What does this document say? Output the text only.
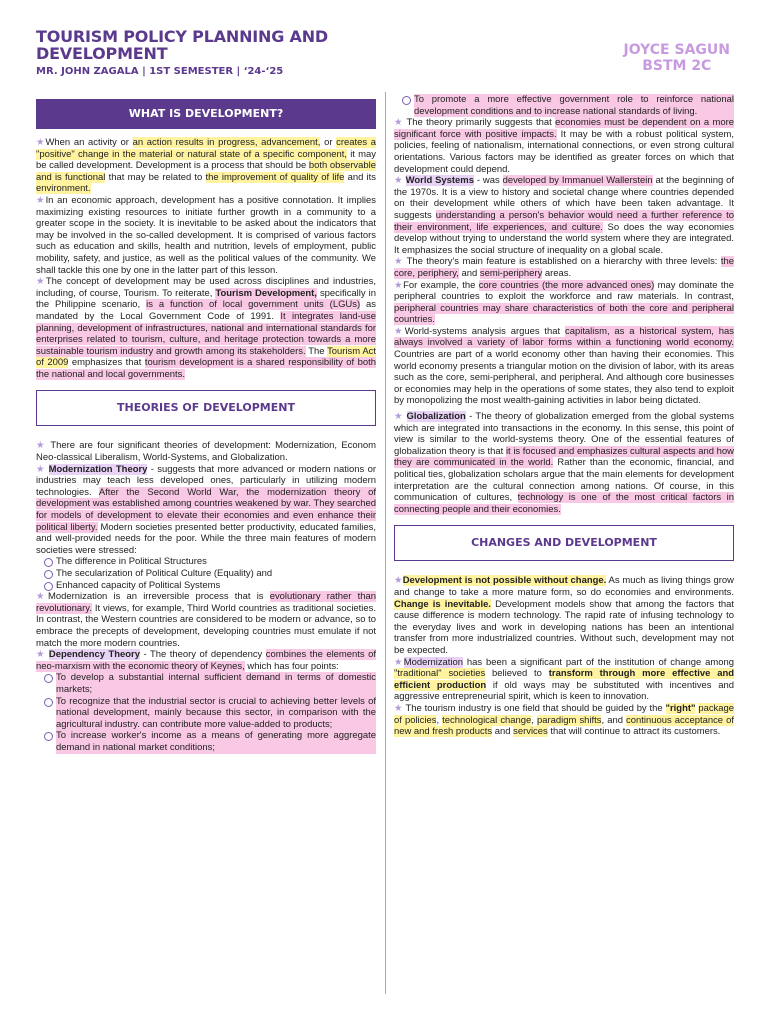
TOURISM POLICY PLANNING AND
DEVELOPMENT
MR. JOHN ZAGALA | 1ST SEMESTER | ‘24-‘25
JOYCE SAGUN
BSTM 2C
WHAT IS DEVELOPMENT?

★When an activity or an action results in progress, advancement, or creates a "positive" change in the material or natural state of a specific component, it may be called development. Development is a process that should be both observable and is functional that may be related to the improvement of quality of life and its environment.

★In an economic approach, development has a positive connotation. It implies maximizing existing resources to initiate further growth in a community to a greater scope in the society. It is inevitable to be asked about the indicators that may be involved in the so-called development. It is comprised of various factors such as education and skills, health and nutrition, levels of employment, public mobility, safety, and justice, as well as the political values of the community. We shall tackle this one by one in the latter part of this lesson.

★The concept of development may be used across disciplines and industries, including, of course, Tourism. To reiterate, Tourism Development, specifically in the Philippine scenario, is a function of local government units (LGUs) as mandated by the Local Government Code of 1991. It integrates land-use planning, development of infrastructures, national and international standards for enterprises related to tourism, culture, and heritage protection towards a more sustainable tourism industry and growth among its stakeholders. The Tourism Act of 2009 emphasizes that tourism development is a shared responsibility of both the national and local governments.

THEORIES OF DEVELOPMENT

★ There are four significant theories of development: Modernization, Econom Neo-classical Liberalism, World-Systems, and Globalization.

★ Modernization Theory - suggests that more advanced or modern nations or industries may teach less developed ones, particularly in utilizing modern technologies. After the Second World War, the modernization theory of development was established among countries weakened by war. They searched for models of development to elevate their economies and even enhance their political liberty. Modern societies presented better productivity, educated families, and well-provided needs for the poor. While the three main features of modern societies were stressed:

The difference in Political Structures
The secularization of Political Culture (Equality) and
Enhanced capacity of Political Systems

★Modernization is an irreversible process that is evolutionary rather than revolutionary. It views, for example, Third World countries as traditional societies. In contrast, the Western countries are considered to be modern or advance, so to embrace the precepts of development, developing countries must emulate if not match the more modern countries.

★ Dependency Theory - The theory of dependency combines the elements of neo-marxism with the economic theory of Keynes, which has four points:

To develop a substantial internal sufficient demand in terms of domestic markets;
To recognize that the industrial sector is crucial to achieving better levels of national development, mainly because this sector, in comparison with the agricultural industry. can contribute more value-added to products;
To increase worker's income as a means of generating more aggregate demand in national market conditions;
To promote a more effective government role to reinforce national development conditions and to increase national standards of living.

★ The theory primarily suggests that economies must be dependent on a more significant force with positive impacts. It may be with a robust political system, policies, feeling of nationalism, international connections, or even strong cultural orientations. Various factors may be identified as greater forces on which that development could depend.

★ World Systems - was developed by Immanuel Wallerstein at the beginning of the 1970s. It is a view to history and societal change where countries depended on their development while others of which have been taken advantage. It suggests understanding a person's behavior would need a further reference to their environment, life experiences, and culture. So does the way economies develop without trying to understand the world system where they are integrated. It emphasizes the social structure of inequality on a global scale.

★ The theory's main feature is established on a hierarchy with three levels: the core, periphery, and semi-periphery areas.

★For example, the core countries (the more advanced ones) may dominate the peripheral countries to exploit the workforce and raw materials. In contrast, peripheral countries may share characteristics of both the core and peripheral countries.

★World-systems analysis argues that capitalism, as a historical system, has always involved a variety of labor forms within a functioning world economy. Countries are part of a world economy other than having their economies. This world economy presents a triangular motion on the division of labor, with its areas such as the core, semi-peripheral, and peripheral. And although core businesses or economies may help in the operations of some states, they also tend to exploit by monopolizing the most wealth-gaining activities in labor being dictated.

★ Globalization - The theory of globalization emerged from the global systems which are integrated into transactions in the economy. In this sense, this point of view is similar to the world-systems theory. One of the essential features of globalization theory is that it is focused and emphasizes cultural aspects and how they are communicated in the world. Rather than the economic, financial, and political ties, globalization scholars argue that the main elements for development interpretation are the cultural connection among nations. Of course, in this communication of cultures, technology is one of the most critical factors in connecting people and their economies.

CHANGES AND DEVELOPMENT

★Development is not possible without change. As much as living things grow and change to take a more mature form, so do economies and environments. Change is inevitable. Development models show that among the factors that cause difference is modern technology. The rapid rate of infusing technology to the everyday lives and work in developing nations has been an intentional transfer from more industrialized countries. Without such, development may not be expected.

★Modernization has been a significant part of the institution of change among "traditional" societies believed to transform through more effective and efficient production if old ways may be substituted with incentives and aggressive entrepreneurial spirit, which is keen to innovation.

★ The tourism industry is one field that should be guided by the "right" package of policies, technological change, paradigm shifts, and continuous acceptance of new and fresh products and services that will continue to attract its customers.
